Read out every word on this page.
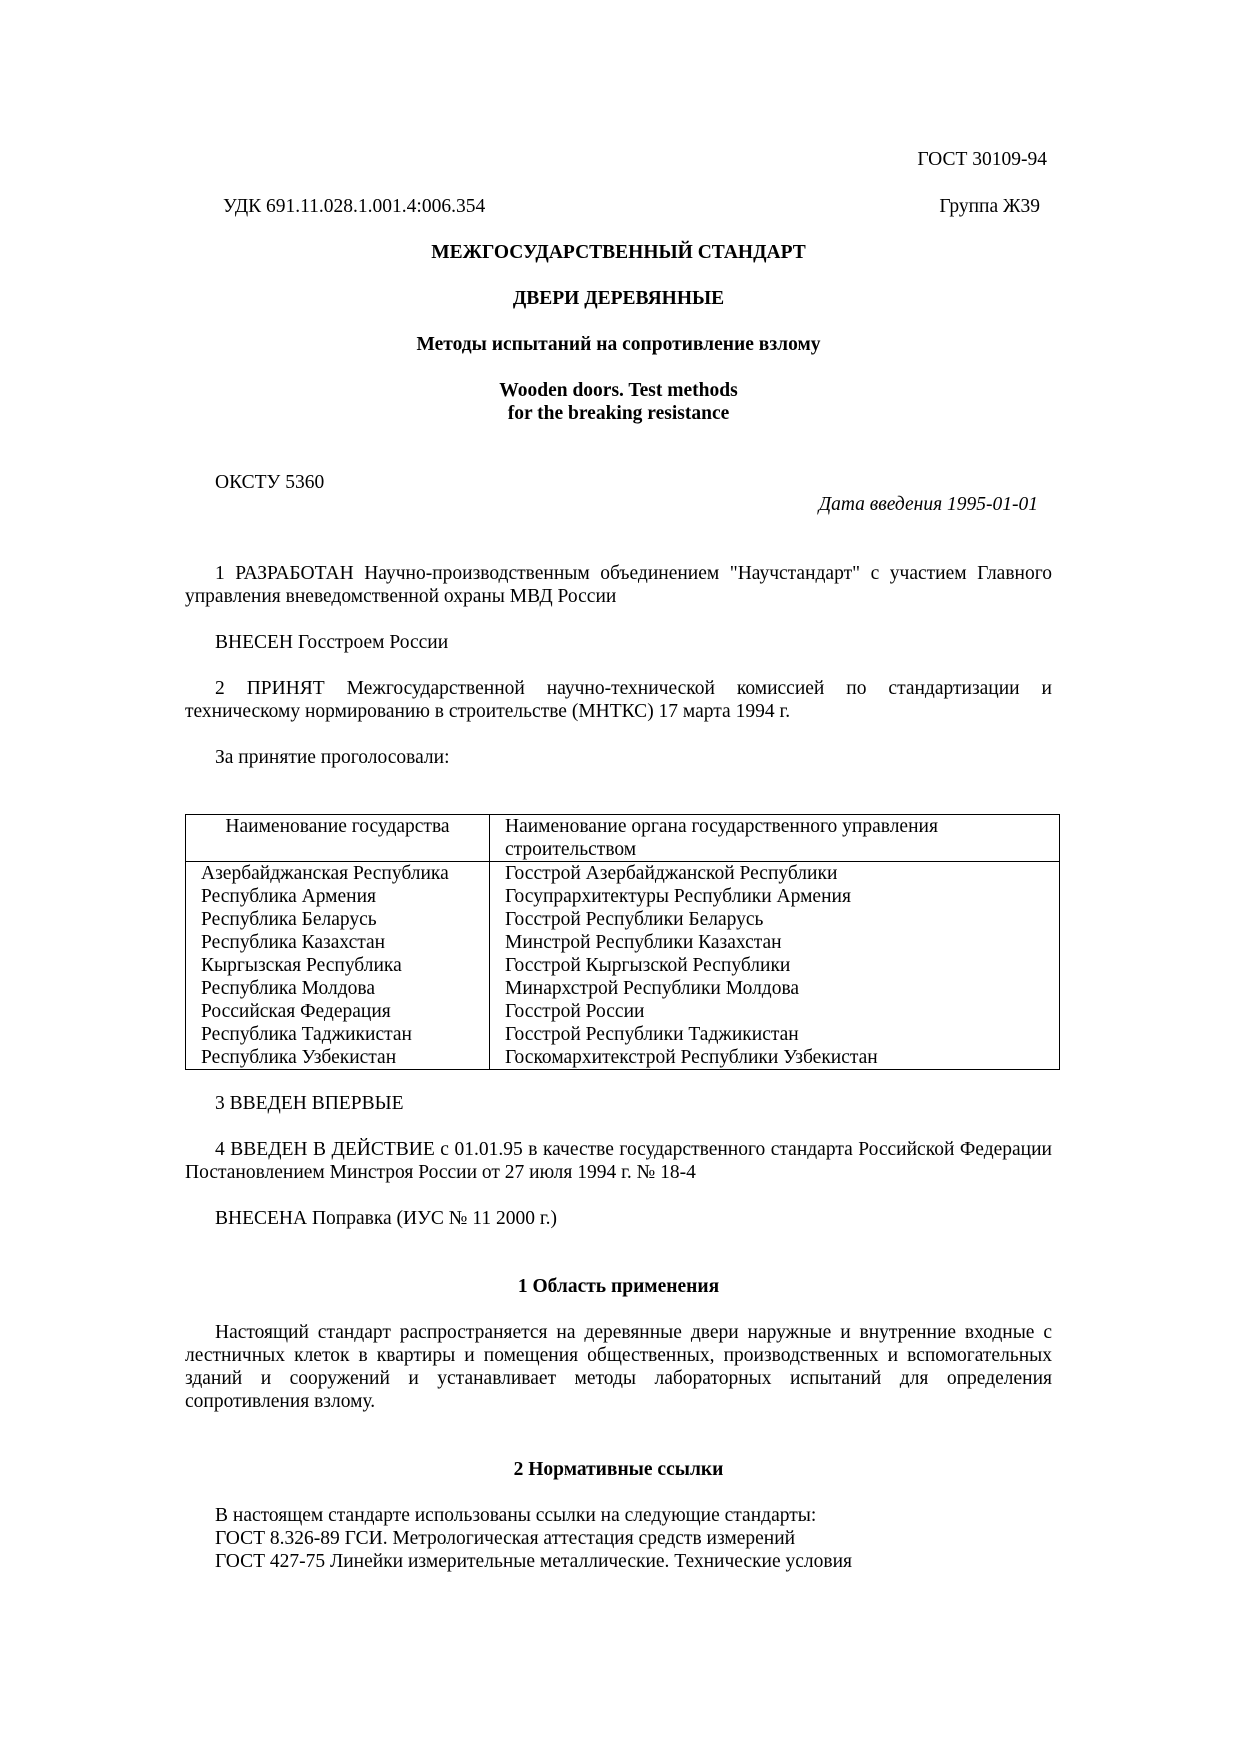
ГОСТ 30109-94
УДК 691.11.028.1.001.4:006.354	Группа Ж39
МЕЖГОСУДАРСТВЕННЫЙ СТАНДАРТ
ДВЕРИ ДЕРЕВЯННЫЕ
Методы испытаний на сопротивление взлому
Wooden doors. Test methods
for the breaking resistance
ОКСТУ 5360
Дата введения 1995-01-01
1 РАЗРАБОТАН Научно-производственным объединением "Научстандарт" с участием Главного управления вневедомственной охраны МВД России
ВНЕСЕН Госстроем России
2 ПРИНЯТ Межгосударственной научно-технической комиссией по стандартизации и техническому нормированию в строительстве (МНТКС) 17 марта 1994 г.
За принятие проголосовали:
Наименование государства	Наименование органа государственного управления строительством
Азербайджанская Республика	Госстрой Азербайджанской Республики
Республика Армения	Госупрархитектуры Республики Армения
Республика Беларусь	Госстрой Республики Беларусь
Республика Казахстан	Минстрой Республики Казахстан
Кыргызская Республика	Госстрой Кыргызской Республики
Республика Молдова	Минархстрой Республики Молдова
Российская Федерация	Госстрой России
Республика Таджикистан	Госстрой Республики Таджикистан
Республика Узбекистан	Госкомархитекстрой Республики Узбекистан
3 ВВЕДЕН ВПЕРВЫЕ
4 ВВЕДЕН В ДЕЙСТВИЕ с 01.01.95 в качестве государственного стандарта Российской Федерации Постановлением Минстроя России от 27 июля 1994 г. № 18-4
ВНЕСЕНА Поправка (ИУС № 11 2000 г.)
1 Область применения
Настоящий стандарт распространяется на деревянные двери наружные и внутренние входные с лестничных клеток в квартиры и помещения общественных, производственных и вспомогательных зданий и сооружений и устанавливает методы лабораторных испытаний для определения сопротивления взлому.
2 Нормативные ссылки
В настоящем стандарте использованы ссылки на следующие стандарты:
ГОСТ 8.326-89 ГСИ. Метрологическая аттестация средств измерений
ГОСТ 427-75 Линейки измерительные металлические. Технические условия
